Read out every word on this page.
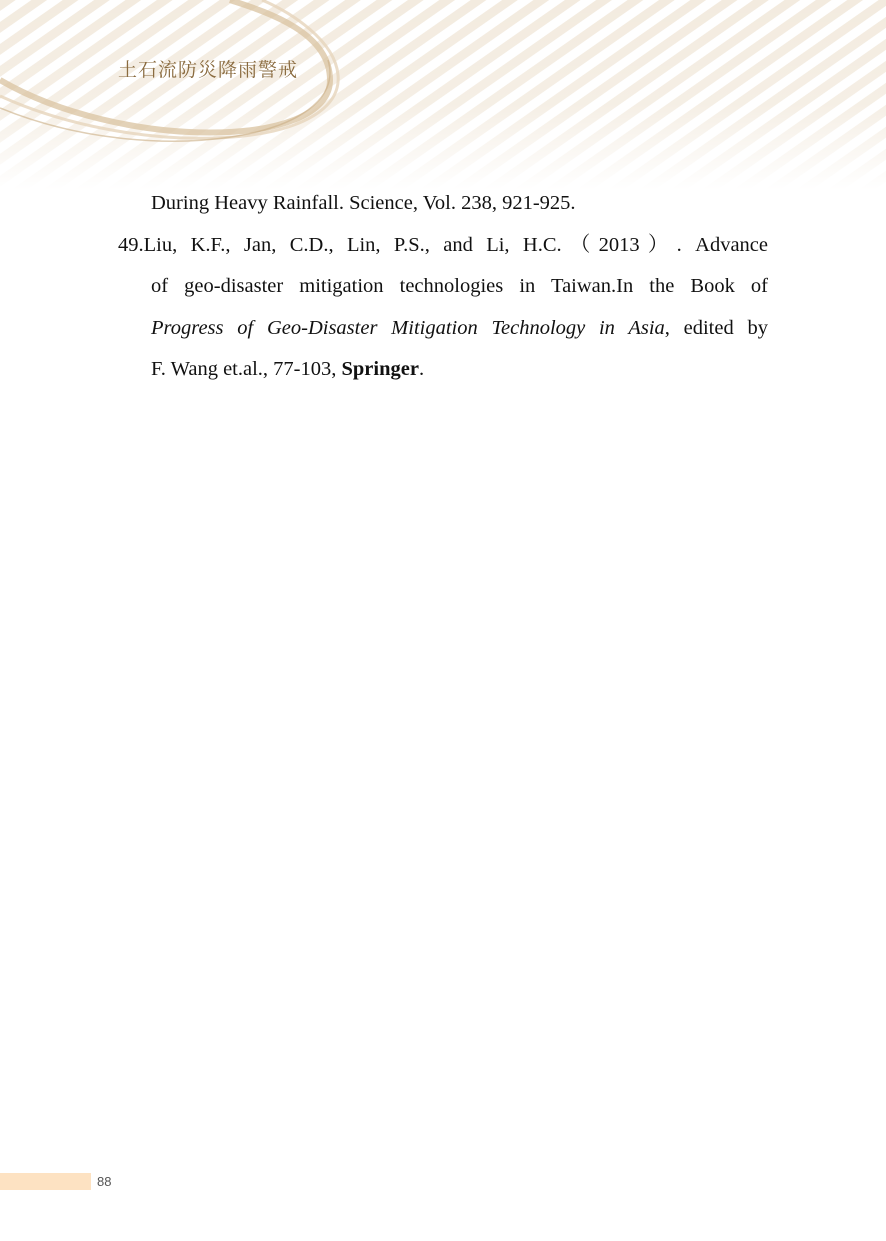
土石流防災降雨警戒
During Heavy Rainfall. Science, Vol. 238, 921-925.
49.Liu, K.F., Jan, C.D., Lin, P.S., and Li, H.C.（2013）. Advance
of geo-disaster mitigation technologies in Taiwan.In the Book of
Progress of Geo-Disaster Mitigation Technology in Asia, edited by
F. Wang et.al., 77-103, Springer.
88
